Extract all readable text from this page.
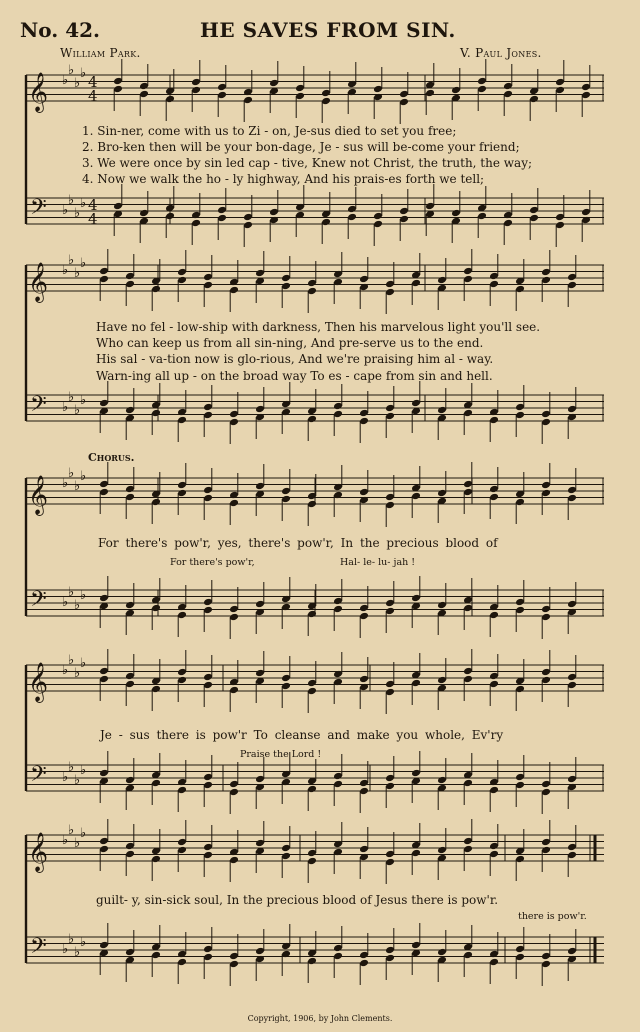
No. 42.	HE SAVES FROM SIN.
William Park.	V. Paul Jones.
𝄞
𝄢
♭
♭
♭
♭
♭
♭
♭
♭
4
4
4
4
𝄞
𝄢
♭
♭
♭
♭
♭
♭
♭
♭
𝄞
𝄢
♭
♭
♭
♭
♭
♭
♭
♭
𝄞
𝄢
♭
♭
♭
♭
♭
♭
♭
♭
𝄞
𝄢
♭
♭
♭
♭
♭
♭
♭
♭
1. Sin-ner, come with us to Zi - on, Je-sus died to set you free;
2. Bro-ken then will be your bon-dage, Je - sus will be-come your friend;
3. We were once by sin led cap - tive, Knew not Christ, the truth, the way;
4. Now we walk the ho - ly highway, And his prais-es forth we tell;
Have no fel - low-ship with darkness, Then his marvelous light you'll see.
Who can keep us from all sin-ning, And pre-serve us to the end.
His sal - va-tion now is glo-rious, And we're praising him al - way.
Warn-ing all up - on the broad way To es - cape from sin and hell.
Chorus.
For there's pow'r, yes, there's pow'r, In the precious blood of
For there's pow'r,	Hal- le- lu- jah !
Je - sus there is pow'r To cleanse and make you whole, Ev'ry
Praise the Lord !
guilt- y, sin-sick soul, In the precious blood of Jesus there is pow'r.
there is pow'r.
Copyright, 1906, by John Clements.
